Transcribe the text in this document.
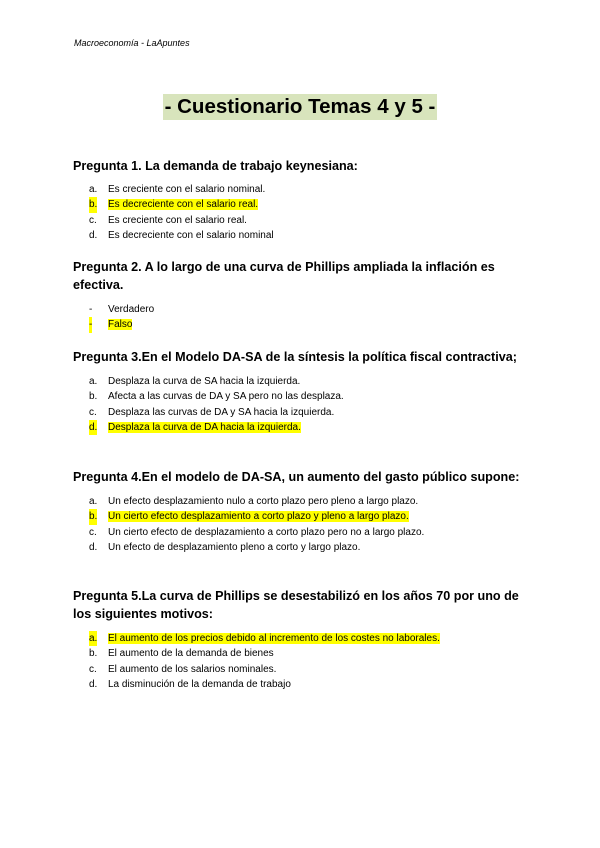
Macroeconomía - LaApuntes
- Cuestionario Temas 4 y 5 -

Pregunta 1. La demanda de trabajo keynesiana:

a. Es creciente con el salario nominal.
b. Es decreciente con el salario real.
c. Es creciente con el salario real.
d. Es decreciente con el salario nominal

Pregunta 2. A lo largo de una curva de Phillips ampliada la inflación es efectiva.

- Verdadero
- Falso

Pregunta 3.En el Modelo DA-SA de la síntesis la política fiscal contractiva;

a. Desplaza la curva de SA hacia la izquierda.
b. Afecta a las curvas de DA y SA pero no las desplaza.
c. Desplaza las curvas de DA y SA hacia la izquierda.
d. Desplaza la curva de DA hacia la izquierda.

Pregunta 4.En el modelo de DA-SA, un aumento del gasto público supone:

a. Un efecto desplazamiento nulo a corto plazo pero pleno a largo plazo.
b. Un cierto efecto desplazamiento a corto plazo y pleno a largo plazo.
c. Un cierto efecto de desplazamiento a corto plazo pero no a largo plazo.
d. Un efecto de desplazamiento pleno a corto y largo plazo.

Pregunta 5.La curva de Phillips se desestabilizó en los años 70 por uno de los siguientes motivos:

a. El aumento de los precios debido al incremento de los costes no laborales.
b. El aumento de la demanda de bienes
c. El aumento de los salarios nominales.
d. La disminución de la demanda de trabajo
